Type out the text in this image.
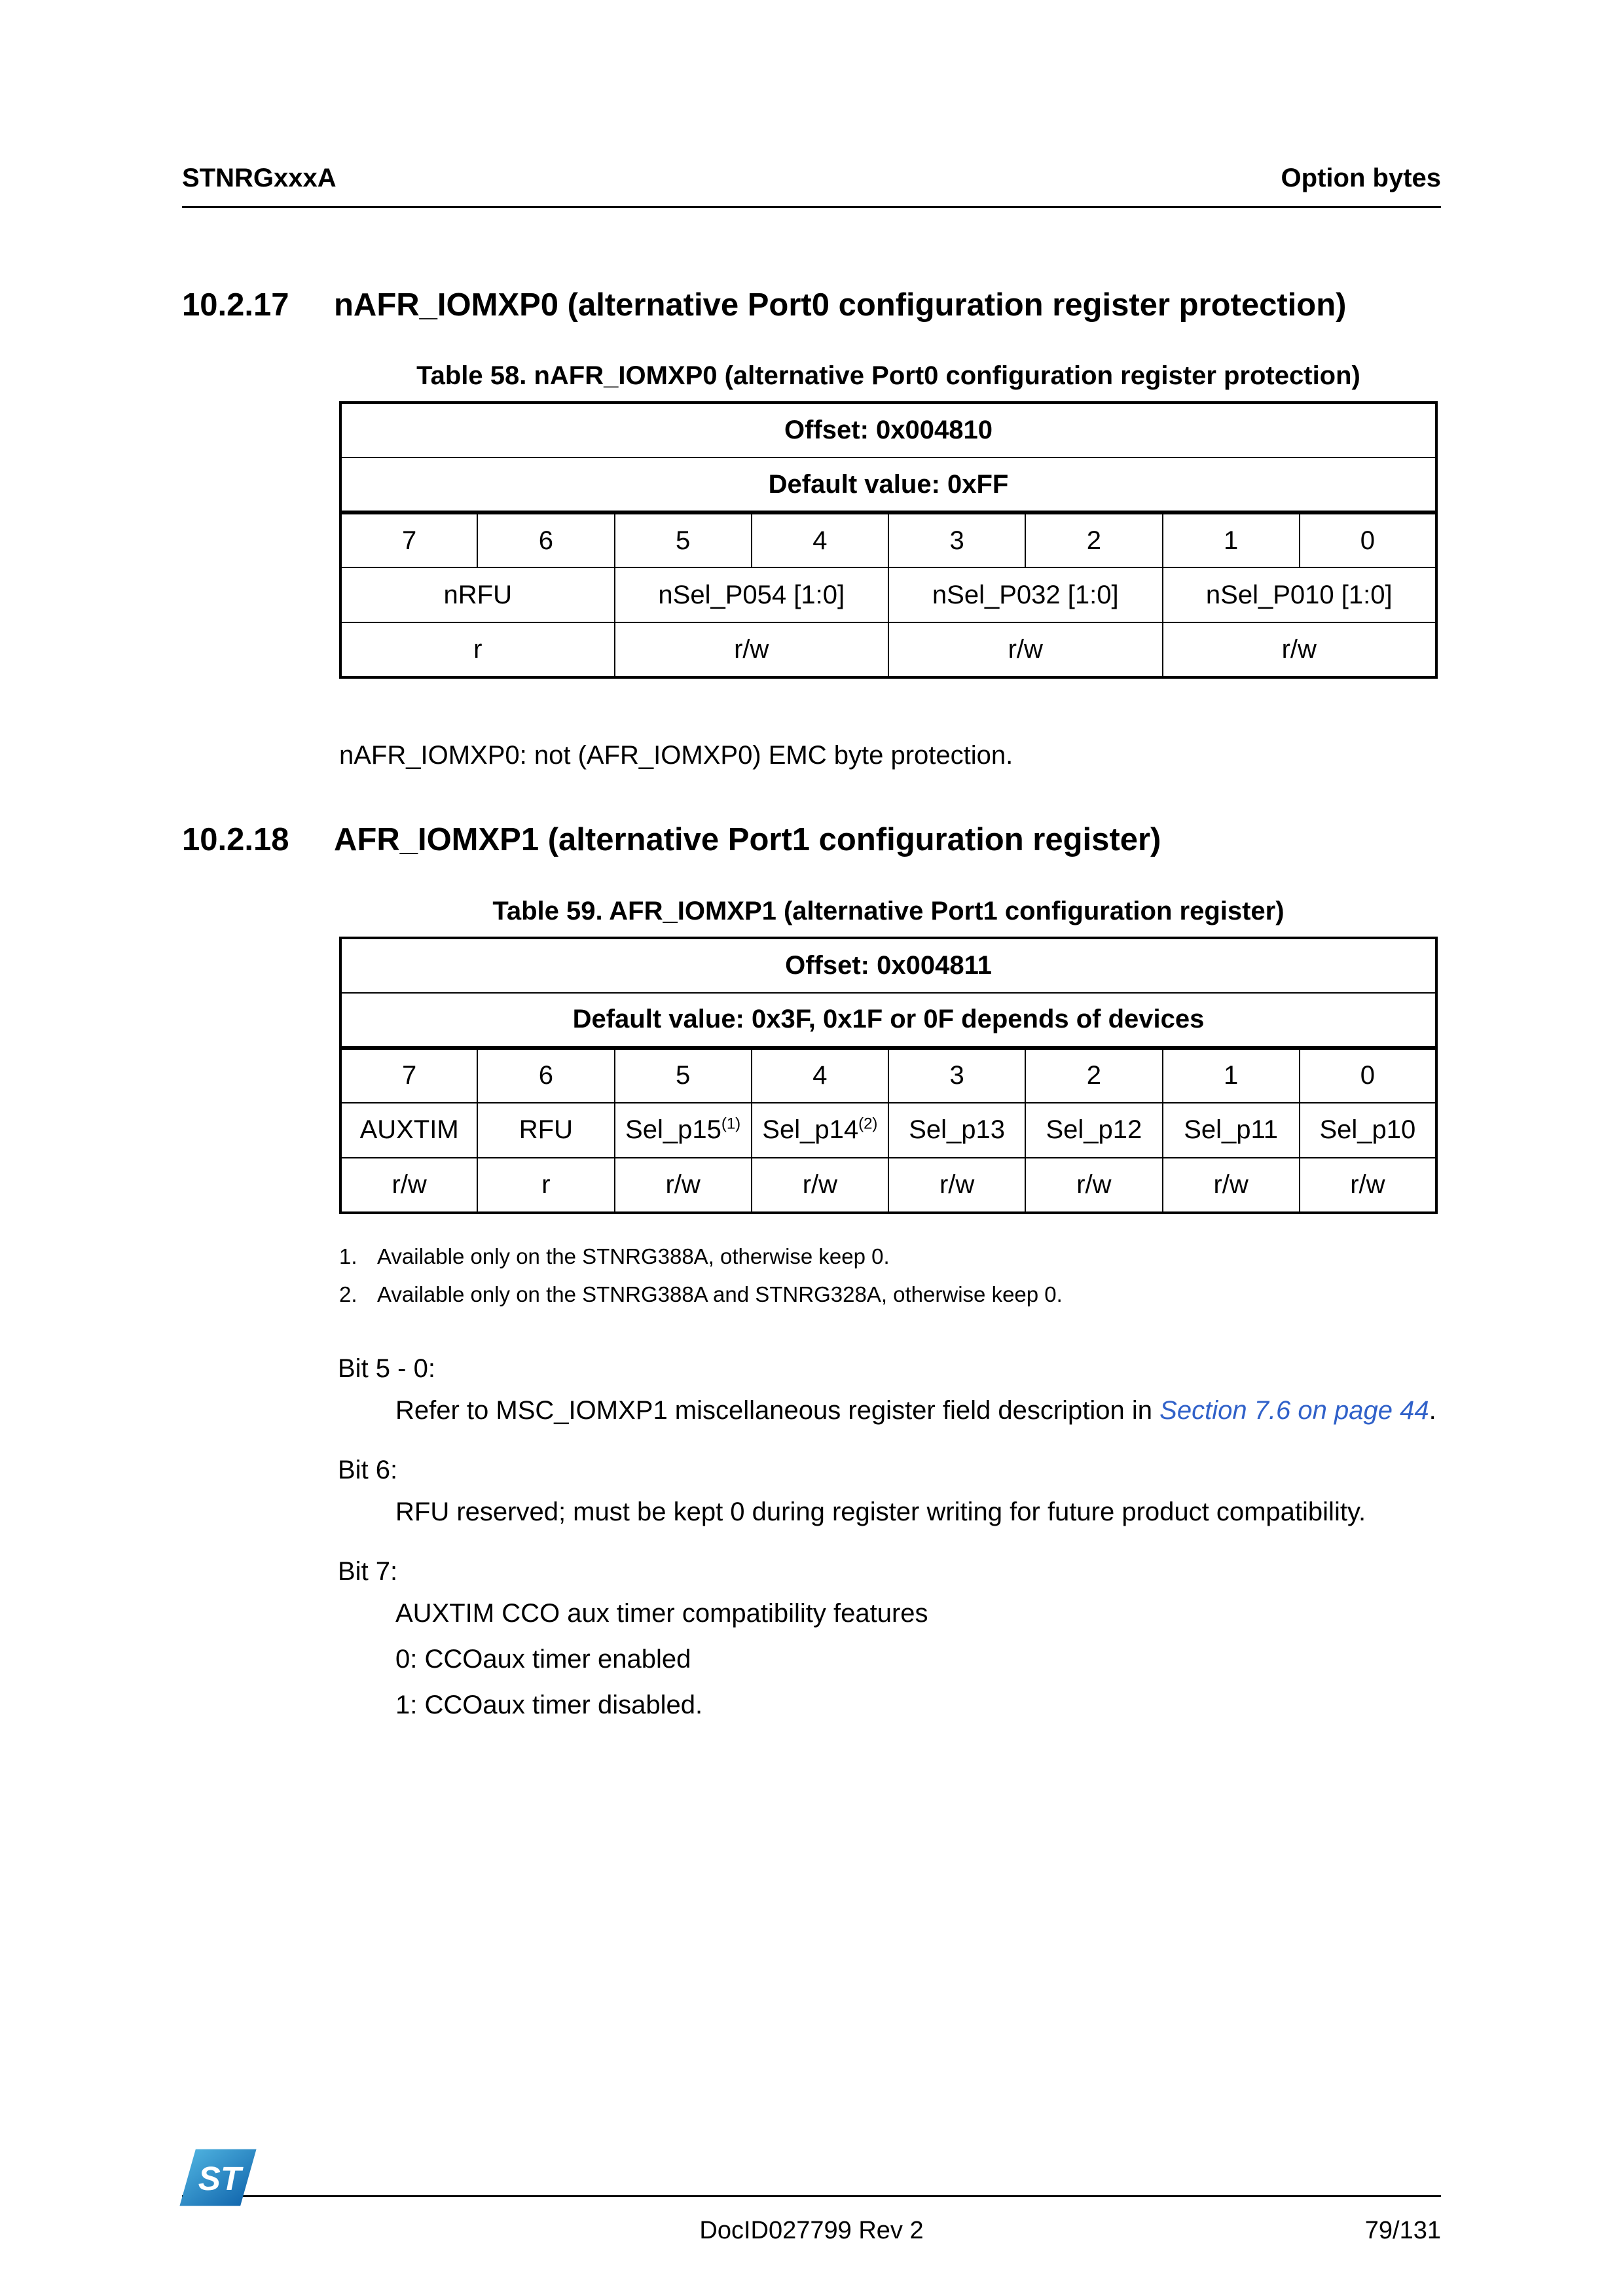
STNRGxxxA	Option bytes
10.2.17	nAFR_IOMXP0 (alternative Port0 configuration register protection)
Table 58. nAFR_IOMXP0 (alternative Port0 configuration register protection)
Offset: 0x004810							
Default value: 0xFF							
7	6	5	4	3	2	1	0
nRFU		nSel_P054 [1:0]		nSel_P032 [1:0]		nSel_P010 [1:0]	
r		r/w		r/w		r/w	
nAFR_IOMXP0: not (AFR_IOMXP0) EMC byte protection.
10.2.18	AFR_IOMXP1 (alternative Port1 configuration register)
Table 59. AFR_IOMXP1 (alternative Port1 configuration register)
Offset: 0x004811							
Default value: 0x3F, 0x1F or 0F depends of devices							
7	6	5	4	3	2	1	0
AUXTIM	RFU	Sel_p15$^{(1)}$	Sel_p14$^{(2)}$	Sel_p13	Sel_p12	Sel_p11	Sel_p10
r/w	r	r/w	r/w	r/w	r/w	r/w	r/w
1. Available only on the STNRG388A, otherwise keep 0.
2. Available only on the STNRG388A and STNRG328A, otherwise keep 0.
Bit 5 - 0:
Refer to MSC_IOMXP1 miscellaneous register field description in Section 7.6 on page 44.
Bit 6:
RFU reserved; must be kept 0 during register writing for future product compatibility.
Bit 7:
AUXTIM CCO aux timer compatibility features
0: CCOaux timer enabled
1: CCOaux timer disabled.
ST
DocID027799 Rev 2	79/131
